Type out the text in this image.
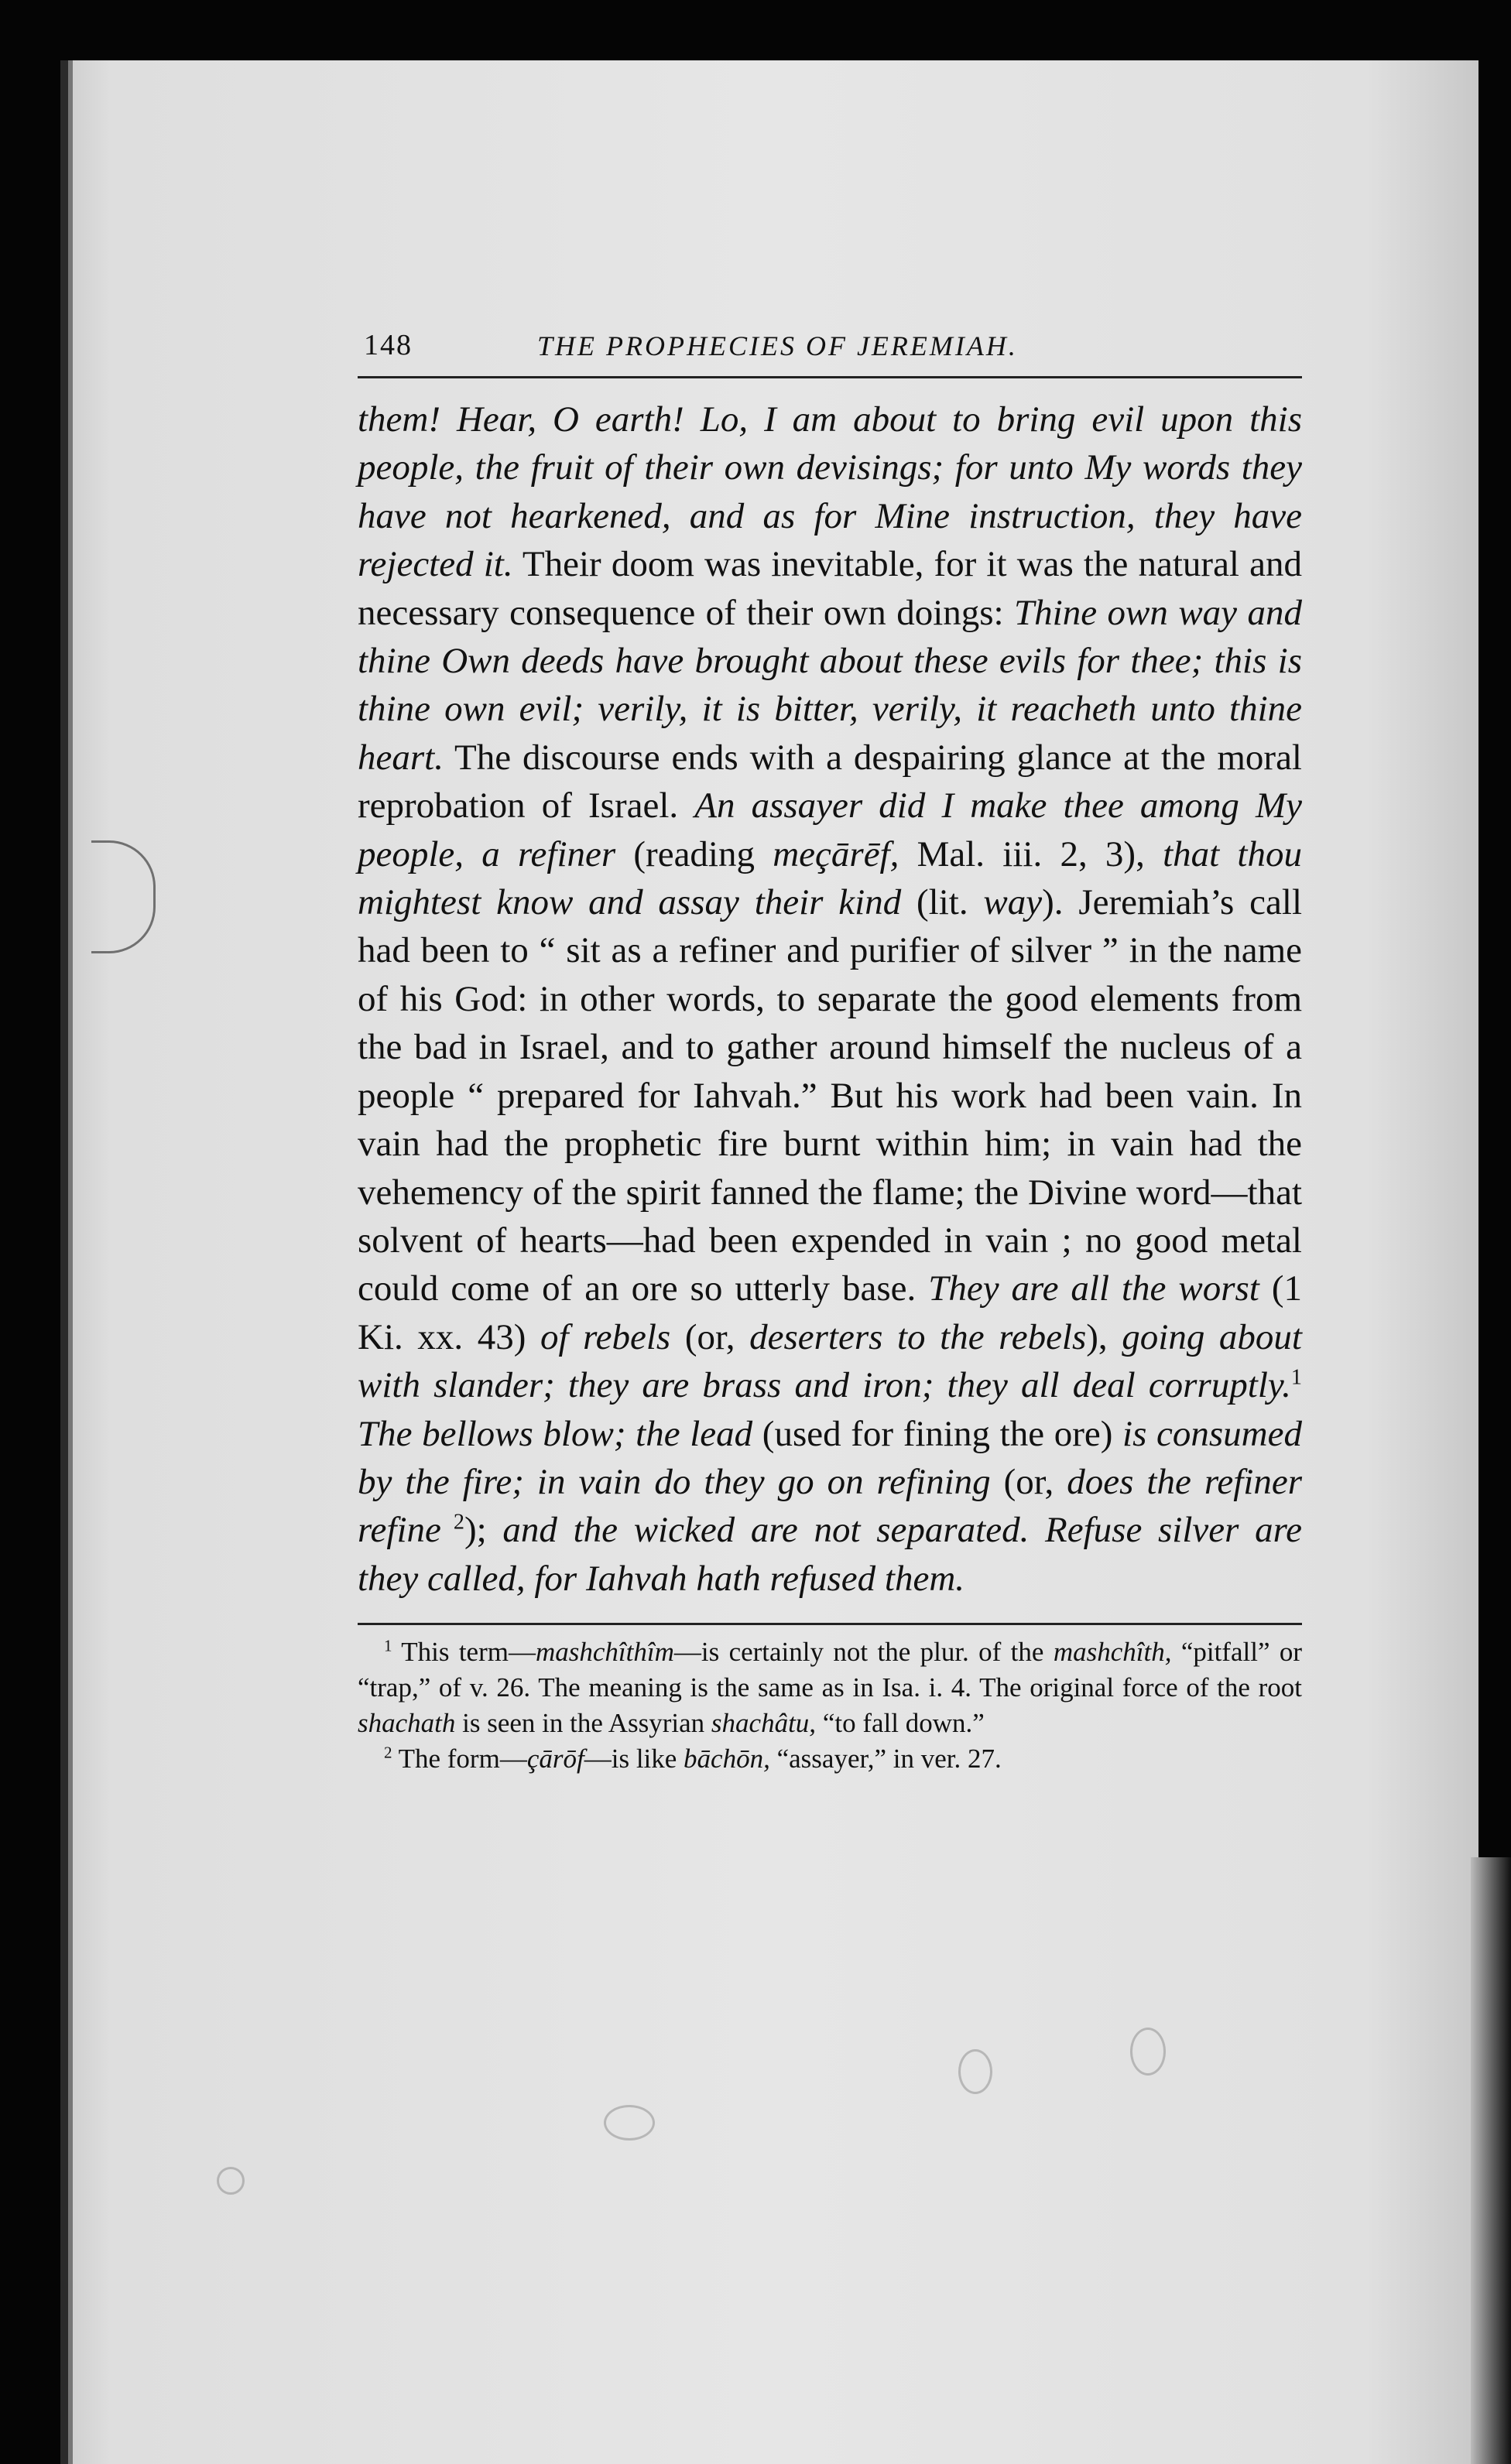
148	THE PROPHECIES OF JEREMIAH.

them! Hear, O earth! Lo, I am about to bring evil upon this people, the fruit of their own devisings; for unto My words they have not hearkened, and as for Mine instruction, they have rejected it. Their doom was inevitable, for it was the natural and necessary consequence of their own doings: Thine own way and thine Own deeds have brought about these evils for thee; this is thine own evil; verily, it is bitter, verily, it reacheth unto thine heart. The discourse ends with a despairing glance at the moral reprobation of Israel. An assayer did I make thee among My people, a refiner (reading meçārēf, Mal. iii. 2, 3), that thou mightest know and assay their kind (lit. way). Jeremiah’s call had been to “ sit as a refiner and purifier of silver ” in the name of his God: in other words, to separate the good elements from the bad in Israel, and to gather around himself the nucleus of a people “ prepared for Iahvah.” But his work had been vain. In vain had the prophetic fire burnt within him; in vain had the vehemency of the spirit fanned the flame; the Divine word—that solvent of hearts—had been expended in vain ; no good metal could come of an ore so utterly base. They are all the worst (1 Ki. xx. 43) of rebels (or, deserters to the rebels), going about with slander; they are brass and iron; they all deal corruptly.$^1$ The bellows blow; the lead (used for fining the ore) is consumed by the fire; in vain do they go on refining (or, does the refiner refine $^2$); and the wicked are not separated. Refuse silver are they called, for Iahvah hath refused them.

$^1$ This term—mashchîthîm—is certainly not the plur. of the mashchîth, “pitfall” or “trap,” of v. 26. The meaning is the same as in Isa. i. 4. The original force of the root shachath is seen in the Assyrian shachâtu, “to fall down.”

$^2$ The form—çārōf—is like bāchōn, “assayer,” in ver. 27.
